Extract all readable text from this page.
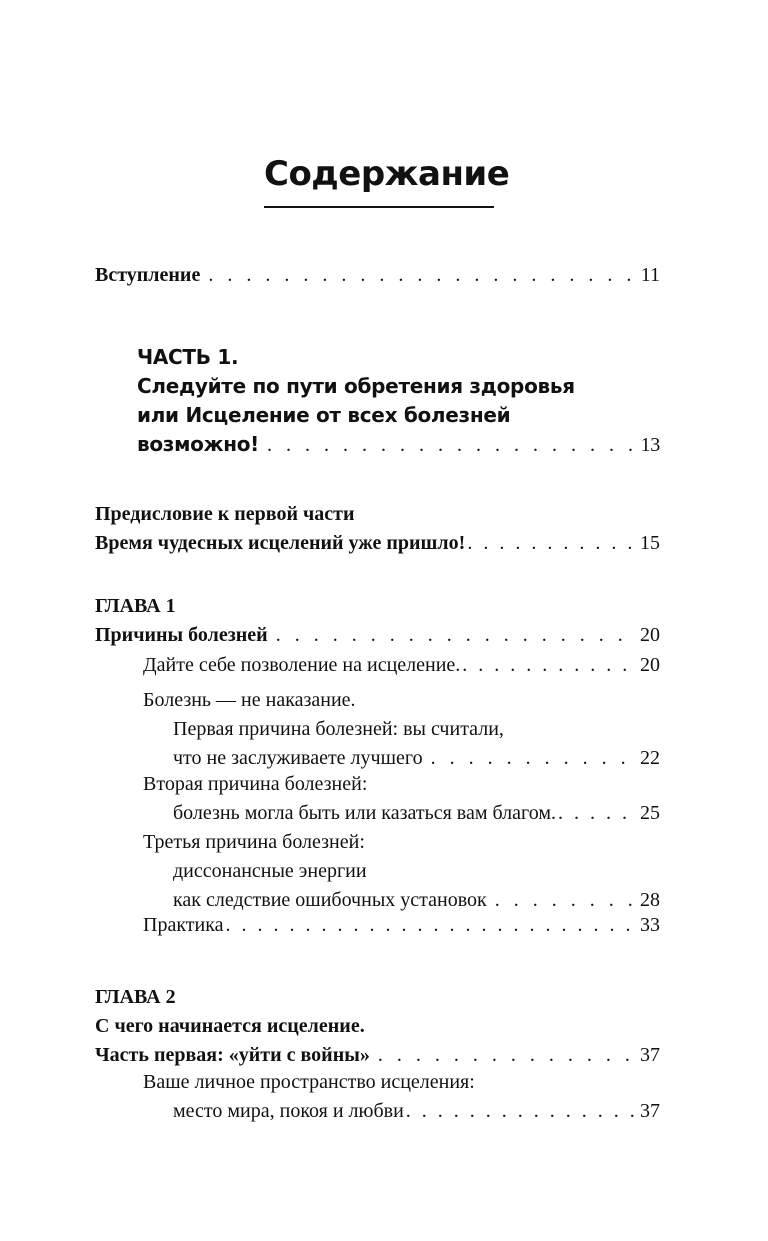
Содержание
Вступление . . .	11
ЧАСТЬ 1.
Следуйте по пути обретения здоровья
или Исцеление от всех болезней
возможно! . . .	13
Предисловие к первой части
Время чудесных исцелений уже пришло! . . .	15
ГЛАВА 1
Причины болезней . . .	20
Дайте себе позволение на исцеление. . . .	20
Болезнь — не наказание.
Первая причина болезней: вы считали,
что не заслуживаете лучшего . . .	22
Вторая причина болезней:
болезнь могла быть или казаться вам благом. . . .	25
Третья причина болезней:
диссонансные энергии
как следствие ошибочных установок . . .	28
Практика . . .	33
ГЛАВА 2
С чего начинается исцеление.
Часть первая: «уйти с войны» . . .	37
Ваше личное пространство исцеления:
место мира, покоя и любви . . .	37
